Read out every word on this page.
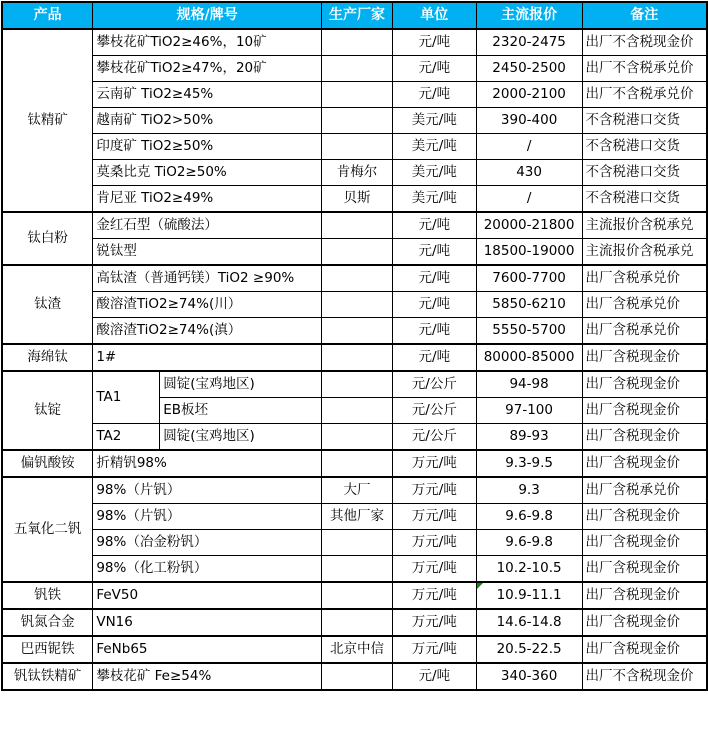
产品	规格/牌号		生产厂家	单位	主流报价	备注
钛精矿	攀枝花矿TiO2≥46%，10矿			元/吨	2320-2475	出厂不含税现金价
	攀枝花矿TiO2≥47%，20矿			元/吨	2450-2500	出厂不含税承兑价
	云南矿 TiO2≥45%			元/吨	2000-2100	出厂不含税承兑价
	越南矿 TiO2>50%			美元/吨	390-400	不含税港口交货
	印度矿 TiO2≥50%			美元/吨	/	不含税港口交货
	莫桑比克 TiO2≥50%		肯梅尔	美元/吨	430	不含税港口交货
	肯尼亚 TiO2≥49%		贝斯	美元/吨	/	不含税港口交货
钛白粉	金红石型（硫酸法）			元/吨	20000-21800	主流报价含税承兑
	锐钛型			元/吨	18500-19000	主流报价含税承兑
钛渣	高钛渣（普通钙镁）TiO2 ≥90%			元/吨	7600-7700	出厂含税承兑价
	酸溶渣TiO2≥74%(川）			元/吨	5850-6210	出厂含税承兑价
	酸溶渣TiO2≥74%(滇）			元/吨	5550-5700	出厂含税承兑价
海绵钛	1#			元/吨	80000-85000	出厂含税现金价
钛锭	TA1	圆锭(宝鸡地区)		元/公斤	94-98	出厂含税现金价
		EB板坯		元/公斤	97-100	出厂含税现金价
	TA2	圆锭(宝鸡地区)		元/公斤	89-93	出厂含税现金价
偏钒酸铵	折精钒98%			万元/吨	9.3-9.5	出厂含税现金价
五氧化二钒	98%（片钒）		大厂	万元/吨	9.3	出厂含税承兑价
	98%（片钒）		其他厂家	万元/吨	9.6-9.8	出厂含税现金价
	98%（冶金粉钒）			万元/吨	9.6-9.8	出厂含税现金价
	98%（化工粉钒）			万元/吨	10.2-10.5	出厂含税现金价
钒铁	FeV50			万元/吨	10.9-11.1	出厂含税现金价
钒氮合金	VN16			万元/吨	14.6-14.8	出厂含税现金价
巴西铌铁	FeNb65		北京中信	万元/吨	20.5-22.5	出厂含税现金价
钒钛铁精矿	攀枝花矿 Fe≥54%			元/吨	340-360	出厂不含税现金价
